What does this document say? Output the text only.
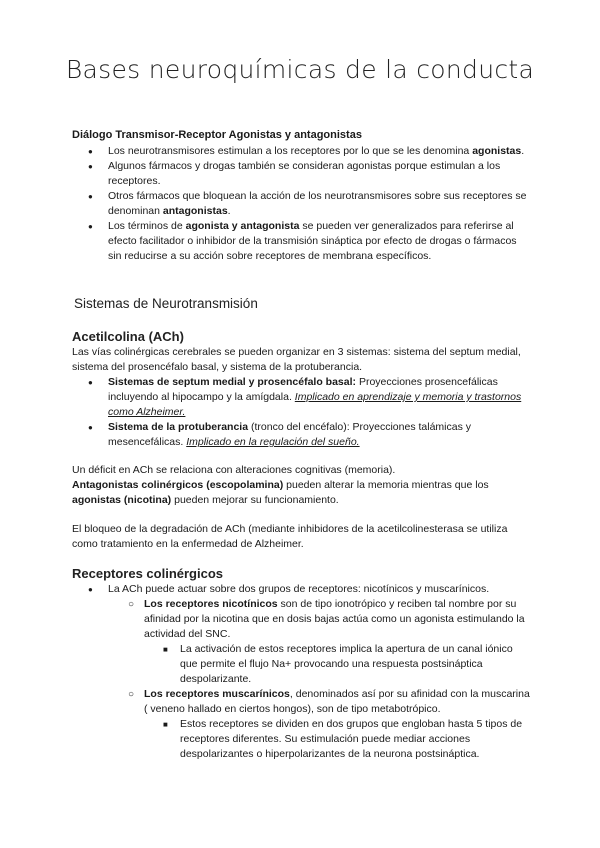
Bases neuroquímicas de la conducta
Diálogo Transmisor-Receptor Agonistas y antagonistas
● Los neurotransmisores estimulan a los receptores por lo que se les denomina agonistas.
● Algunos fármacos y drogas también se consideran agonistas porque estimulan a los receptores.
● Otros fármacos que bloquean la acción de los neurotransmisores sobre sus receptores se denominan antagonistas.
● Los términos de agonista y antagonista se pueden ver generalizados para referirse al efecto facilitador o inhibidor de la transmisión sináptica por efecto de drogas o fármacos sin reducirse a su acción sobre receptores de membrana específicos.
Sistemas de Neurotransmisión
Acetilcolina (ACh)

Las vías colinérgicas cerebrales se pueden organizar en 3 sistemas: sistema del septum medial, sistema del prosencéfalo basal, y sistema de la protuberancia.

● Sistemas de septum medial y prosencéfalo basal: Proyecciones prosencefálicas incluyendo al hipocampo y la amígdala. Implicado en aprendizaje y memoria y trastornos como Alzheimer.
● Sistema de la protuberancia (tronco del encéfalo): Proyecciones talámicas y mesencefálicas. Implicado en la regulación del sueño.

Un déficit en ACh se relaciona con alteraciones cognitivas (memoria).

Antagonistas colinérgicos (escopolamina) pueden alterar la memoria mientras que los agonistas (nicotina) pueden mejorar su funcionamiento.

El bloqueo de la degradación de ACh (mediante inhibidores de la acetilcolinesterasa se utiliza como tratamiento en la enfermedad de Alzheimer.

Receptores colinérgicos
● La ACh puede actuar sobre dos grupos de receptores: nicotínicos y muscarínicos.
○ Los receptores nicotínicos son de tipo ionotrópico y reciben tal nombre por su afinidad por la nicotina que en dosis bajas actúa como un agonista estimulando la actividad del SNC.
■ La activación de estos receptores implica la apertura de un canal iónico que permite el flujo Na+ provocando una respuesta postsináptica despolarizante.
○ Los receptores muscarínicos, denominados así por su afinidad con la muscarina ( veneno hallado en ciertos hongos), son de tipo metabotrópico.
■ Estos receptores se dividen en dos grupos que engloban hasta 5 tipos de receptores diferentes. Su estimulación puede mediar acciones despolarizantes o hiperpolarizantes de la neurona postsináptica.
